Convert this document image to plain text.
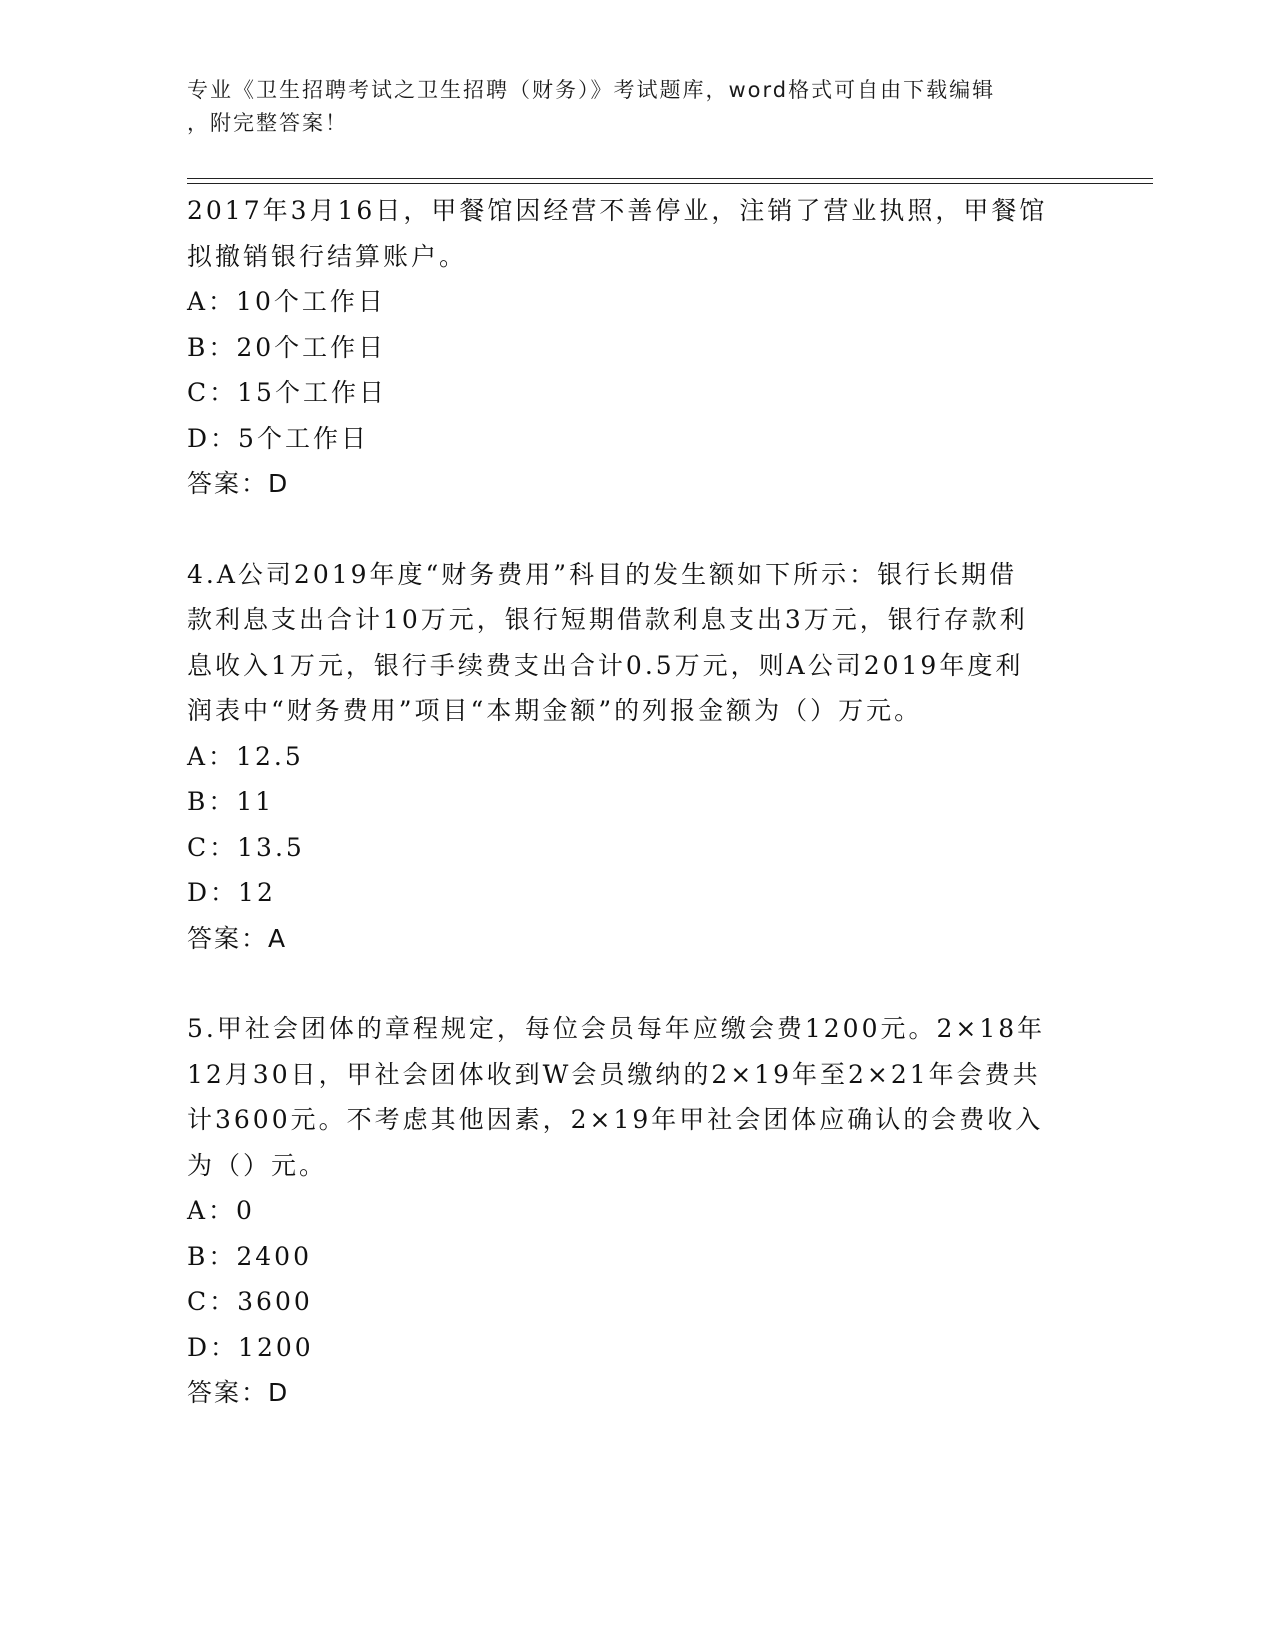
专业《卫生招聘考试之卫生招聘（财务）》考试题库，word格式可自由下载编辑
，附完整答案！

2017年3月16日，甲餐馆因经营不善停业，注销了营业执照，甲餐馆

拟撤销银行结算账户。

A：10个工作日

B：20个工作日

C：15个工作日

D：5个工作日

答案：D

4.A公司2019年度“财务费用”科目的发生额如下所示：银行长期借

款利息支出合计10万元，银行短期借款利息支出3万元，银行存款利

息收入1万元，银行手续费支出合计0.5万元，则A公司2019年度利

润表中“财务费用”项目“本期金额”的列报金额为（）万元。

A：12.5

B：11

C：13.5

D：12

答案：A

5.甲社会团体的章程规定，每位会员每年应缴会费1200元。2×18年

12月30日，甲社会团体收到W会员缴纳的2×19年至2×21年会费共

计3600元。不考虑其他因素，2×19年甲社会团体应确认的会费收入

为（）元。

A：0

B：2400

C：3600

D：1200

答案：D
